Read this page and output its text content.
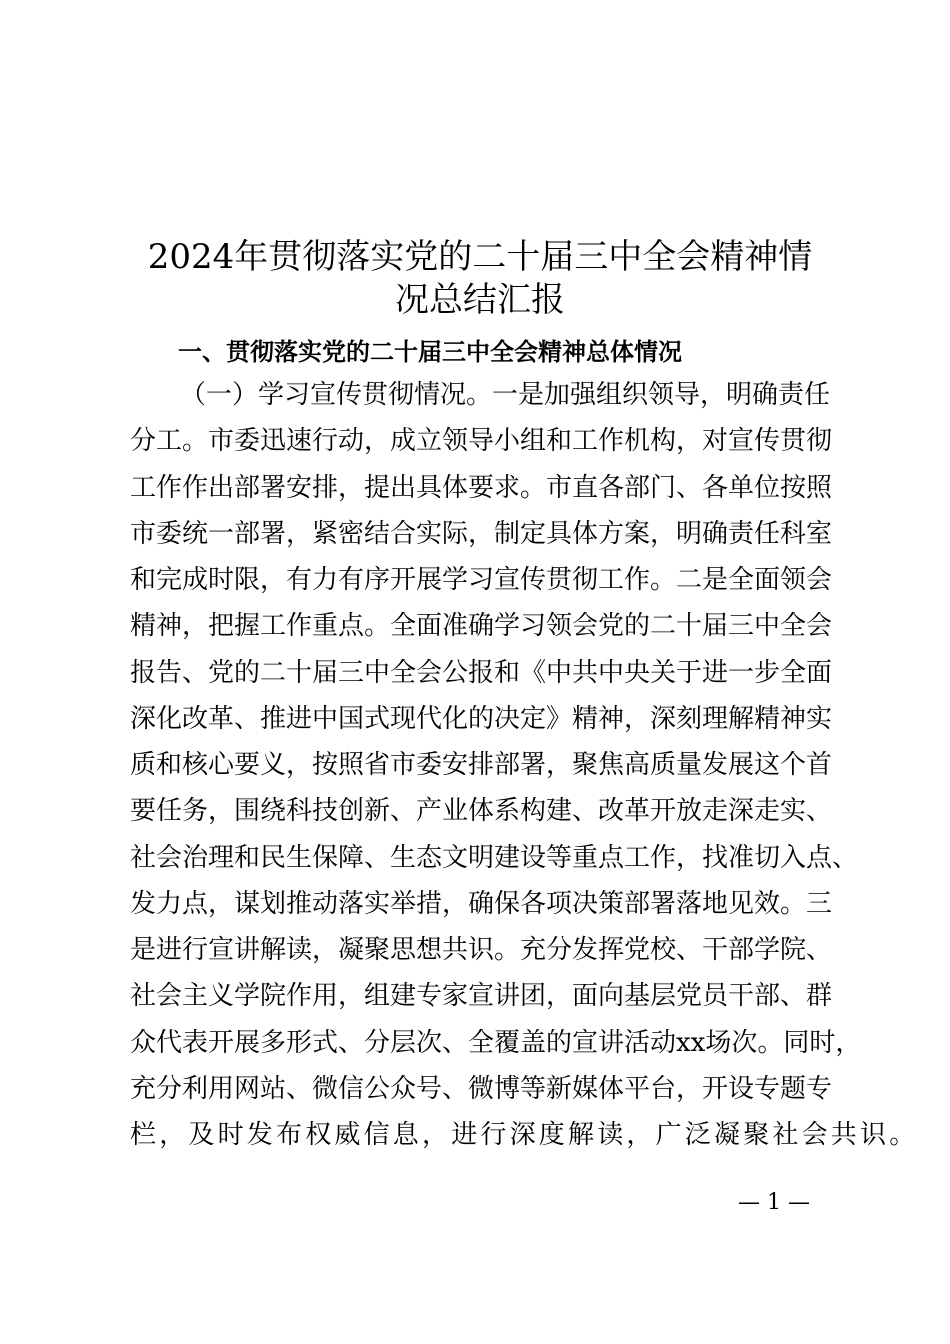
2024年贯彻落实党的二十届三中全会精神情
况总结汇报
一、贯彻落实党的二十届三中全会精神总体情况
（一）学习宣传贯彻情况。一是加强组织领导，明确责任
分工。市委迅速行动，成立领导小组和工作机构，对宣传贯彻
工作作出部署安排，提出具体要求。市直各部门、各单位按照
市委统一部署，紧密结合实际，制定具体方案，明确责任科室
和完成时限，有力有序开展学习宣传贯彻工作。二是全面领会
精神，把握工作重点。全面准确学习领会党的二十届三中全会
报告、党的二十届三中全会公报和《中共中央关于进一步全面
深化改革、推进中国式现代化的决定》精神，深刻理解精神实
质和核心要义，按照省市委安排部署，聚焦高质量发展这个首
要任务，围绕科技创新、产业体系构建、改革开放走深走实、
社会治理和民生保障、生态文明建设等重点工作，找准切入点、
发力点，谋划推动落实举措，确保各项决策部署落地见效。三
是进行宣讲解读，凝聚思想共识。充分发挥党校、干部学院、
社会主义学院作用，组建专家宣讲团，面向基层党员干部、群
众代表开展多形式、分层次、全覆盖的宣讲活动xx场次。同时，
充分利用网站、微信公众号、微博等新媒体平台，开设专题专
栏，及时发布权威信息，进行深度解读，广泛凝聚社会共识。
— 1 —
